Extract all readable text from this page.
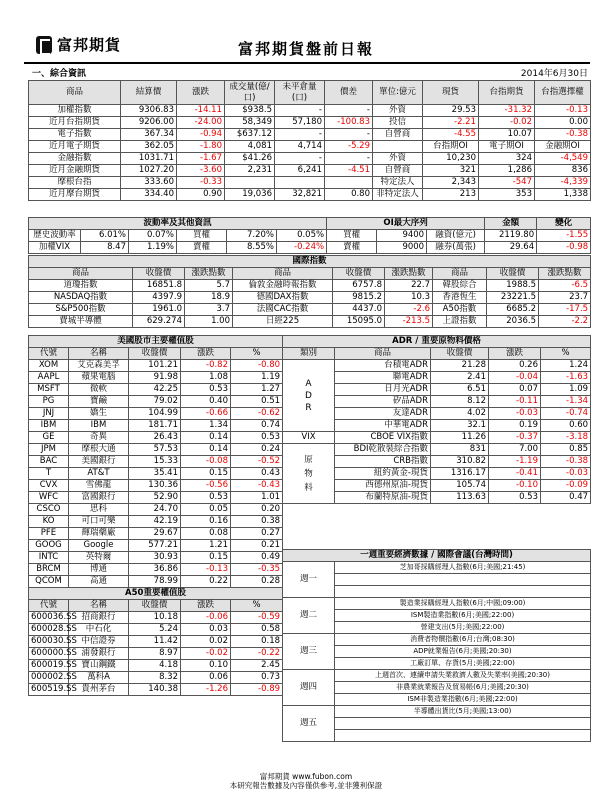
富邦期貨	富邦期貨盤前日報
一、綜合資訊	2014年6月30日
商品	結算價	漲跌	成交量(億/口)	未平倉量(口)	價差	單位:億元	現貨	台指期貨	台指選擇權
加權指數	9306.83	-14.11	$938.5	-	-	外資	29.53	-31.32	-0.13
近月台指期貨	9206.00	-24.00	58,349	57,180	-100.83	投信	-2.21	-0.02	0.00
電子指數	367.34	-0.94	$637.12	-	-	自營商	-4.55	10.07	-0.38
近月電子期貨	362.05	-1.80	4,081	4,714	-5.29		台指期OI	電子期OI	金融期OI
金融指數	1031.71	-1.67	$41.26	-	-	外資	10,230	324	-4,549
近月金融期貨	1027.20	-3.60	2,231	6,241	-4.51	自營商	321	1,286	836
摩根台指	333.60	-0.33				特定法人	2,343	-547	-4,339
近月摩台期貨	334.40	0.90	19,036	32,821	0.80	非特定法人	213	353	1,338
波動率及其他資訊						OI最大序列			金額	變化
歷史波動率	6.01%	0.07%	買權	7.20%	0.05%	買權	9400	融資(億元)	2119.80	-1.55
加權VIX	8.47	1.19%	賣權	8.55%	-0.24%	賣權	9000	融券(萬張)	29.64	-0.98
國際指數								
商品	收盤價	漲跌點數	商品	收盤價	漲跌點數	商品	收盤價	漲跌點數
道瓊指數	16851.8	5.7	倫敦金融時報指數	6757.8	22.7	韓股綜合	1988.5	-6.5
NASDAQ指數	4397.9	18.9	德國DAX指數	9815.2	10.3	香港恆生	23221.5	23.7
S&P500指數	1961.0	3.7	法國CAC指數	4437.0	-2.6	A50指數	6685.2	-17.5
費城半導體	629.274	1.00	日經225	15095.0	-213.5	上證指數	2036.5	-2.2
美國股市主要權值股				
代號	名稱	收盤價	漲跌	%
XOM	艾克森美孚	101.21	-0.82	-0.80
AAPL	蘋果電腦	91.98	1.08	1.19
MSFT	微軟	42.25	0.53	1.27
PG	寶鹼	79.02	0.40	0.51
JNJ	嬌生	104.99	-0.66	-0.62
IBM	IBM	181.71	1.34	0.74
GE	奇異	26.43	0.14	0.53
JPM	摩根大通	57.53	0.14	0.24
BAC	美國銀行	15.33	-0.08	-0.52
T	AT&T	35.41	0.15	0.43
CVX	雪佛龍	130.36	-0.56	-0.43
WFC	富國銀行	52.90	0.53	1.01
CSCO	思科	24.70	0.05	0.20
KO	可口可樂	42.19	0.16	0.38
PFE	輝瑞藥廠	29.67	0.08	0.27
GOOG	Google	577.21	1.21	0.21
INTC	英特爾	30.93	0.15	0.49
BRCM	博通	36.86	-0.13	-0.35
QCOM	高通	78.99	0.22	0.28
A50重要權值股				
代號	名稱	收盤價	漲跌	%
600036.SS	招商銀行	10.18	-0.06	-0.59
600028.SS	中石化	5.24	0.03	0.58
600030.SS	中信證券	11.42	0.02	0.18
600000.SS	浦發銀行	8.97	-0.02	-0.22
600019.SS	寶山鋼鐵	4.18	0.10	2.45
000002.SS	萬科A	8.32	0.06	0.73
600519.SS	貴州茅台	140.38	-1.26	-0.89
ADR / 重要原物料價格				
類別	商品	收盤價	漲跌	%
A D R	台積電ADR	21.28	0.26	1.24
	聯電ADR	2.41	-0.04	-1.63
	日月光ADR	6.51	0.07	1.09
	矽品ADR	8.12	-0.11	-1.34
	友達ADR	4.02	-0.03	-0.74
	中華電ADR	32.1	0.19	0.60
VIX	CBOE VIX指數	11.26	-0.37	-3.18
原 物 料	BDI乾散裝綜合指數	831	7.00	0.85
	CRB指數	310.82	-1.19	-0.38
	紐約黃金-現貨	1316.17	-0.41	-0.03
	西德州原油-現貨	105.74	-0.10	-0.09
	布蘭特原油-現貨	113.63	0.53	0.47
一週重要經濟數據 / 國際會議(台灣時間)	
週一	芝加哥採購經理人指數(6月;美國;21:45)

週二	製造業採購經理人指數(6月;中國;09:00)
	ISM製造業指數(6月;美國;22:00)
	營建支出(5月;美國;22:00)
週三	消費者物價指數(6月;台灣;08:30)
	ADP就業報告(6月;美國;20:30)
	工廠訂單、存貨(5月;美國;22:00)
週四	上週首次、連續申請失業救濟人數及失業率(美國;20:30)
	非農業就業報告及貿易帳(6月;美國;20:30)
	ISM非製造業指數(6月;美國;22:00)
週五	半導體出貨比(5月;美國;13:00)

富邦期貨 www.fubon.com
本研究報告數據及內容僅供參考,並非獲利保證
